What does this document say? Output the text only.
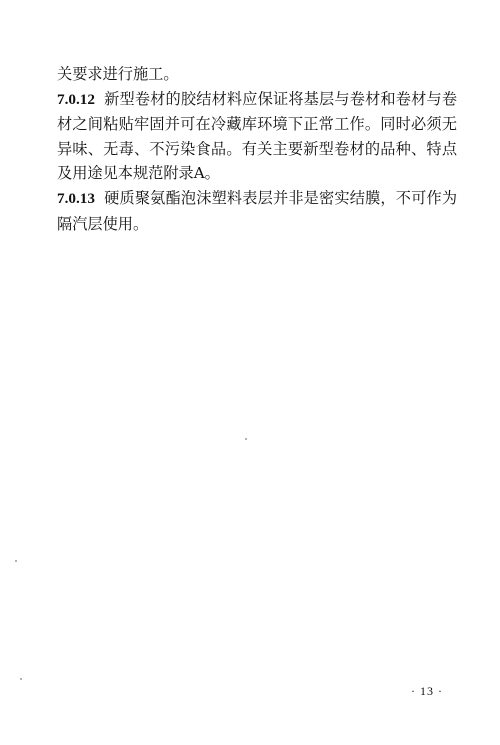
关要求进行施工。

7.0.12 新型卷材的胶结材料应保证将基层与卷材和卷材与卷材之间粘贴牢固并可在冷藏库环境下正常工作。同时必须无异味、无毒、不污染食品。有关主要新型卷材的品种、特点及用途见本规范附录A。

7.0.13 硬质聚氨酯泡沫塑料表层并非是密实结膜，不可作为隔汽层使用。

· 13 ·
